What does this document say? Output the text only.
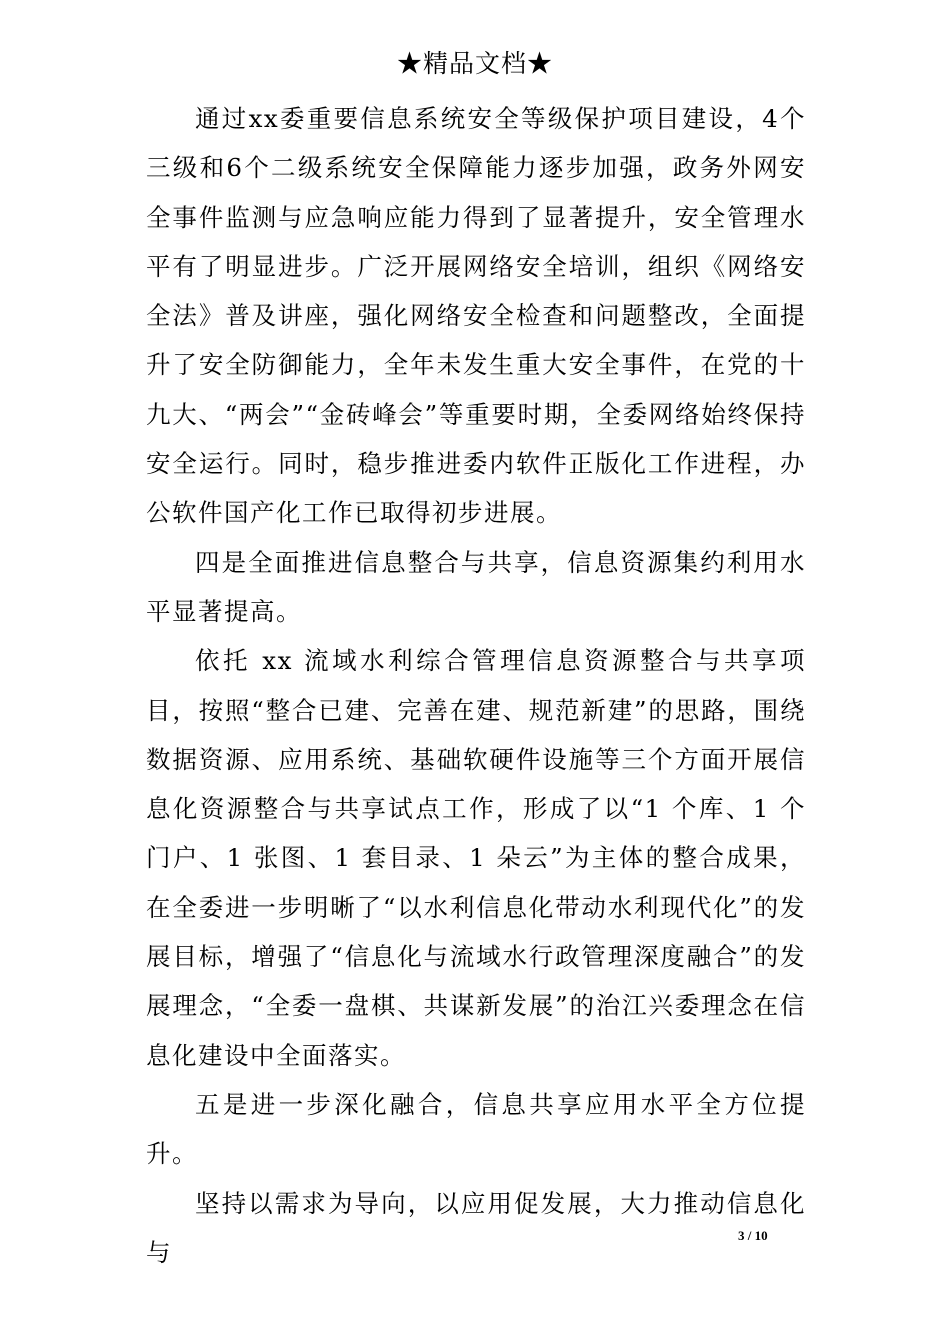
★精品文档★

通过xx委重要信息系统安全等级保护项目建设，4个三级和6个二级系统安全保障能力逐步加强，政务外网安全事件监测与应急响应能力得到了显著提升，安全管理水平有了明显进步。广泛开展网络安全培训，组织《网络安全法》普及讲座，强化网络安全检查和问题整改，全面提升了安全防御能力，全年未发生重大安全事件，在党的十九大、“两会”“金砖峰会”等重要时期，全委网络始终保持安全运行。同时，稳步推进委内软件正版化工作进程，办公软件国产化工作已取得初步进展。

四是全面推进信息整合与共享，信息资源集约利用水平显著提高。

依托 xx 流域水利综合管理信息资源整合与共享项目，按照“整合已建、完善在建、规范新建”的思路，围绕数据资源、应用系统、基础软硬件设施等三个方面开展信息化资源整合与共享试点工作，形成了以“1 个库、1 个门户、1 张图、1 套目录、1 朵云”为主体的整合成果，在全委进一步明晰了“以水利信息化带动水利现代化”的发展目标，增强了“信息化与流域水行政管理深度融合”的发展理念，“全委一盘棋、共谋新发展”的治江兴委理念在信息化建设中全面落实。

五是进一步深化融合，信息共享应用水平全方位提升。

坚持以需求为导向，以应用促发展，大力推动信息化与

3 / 10
